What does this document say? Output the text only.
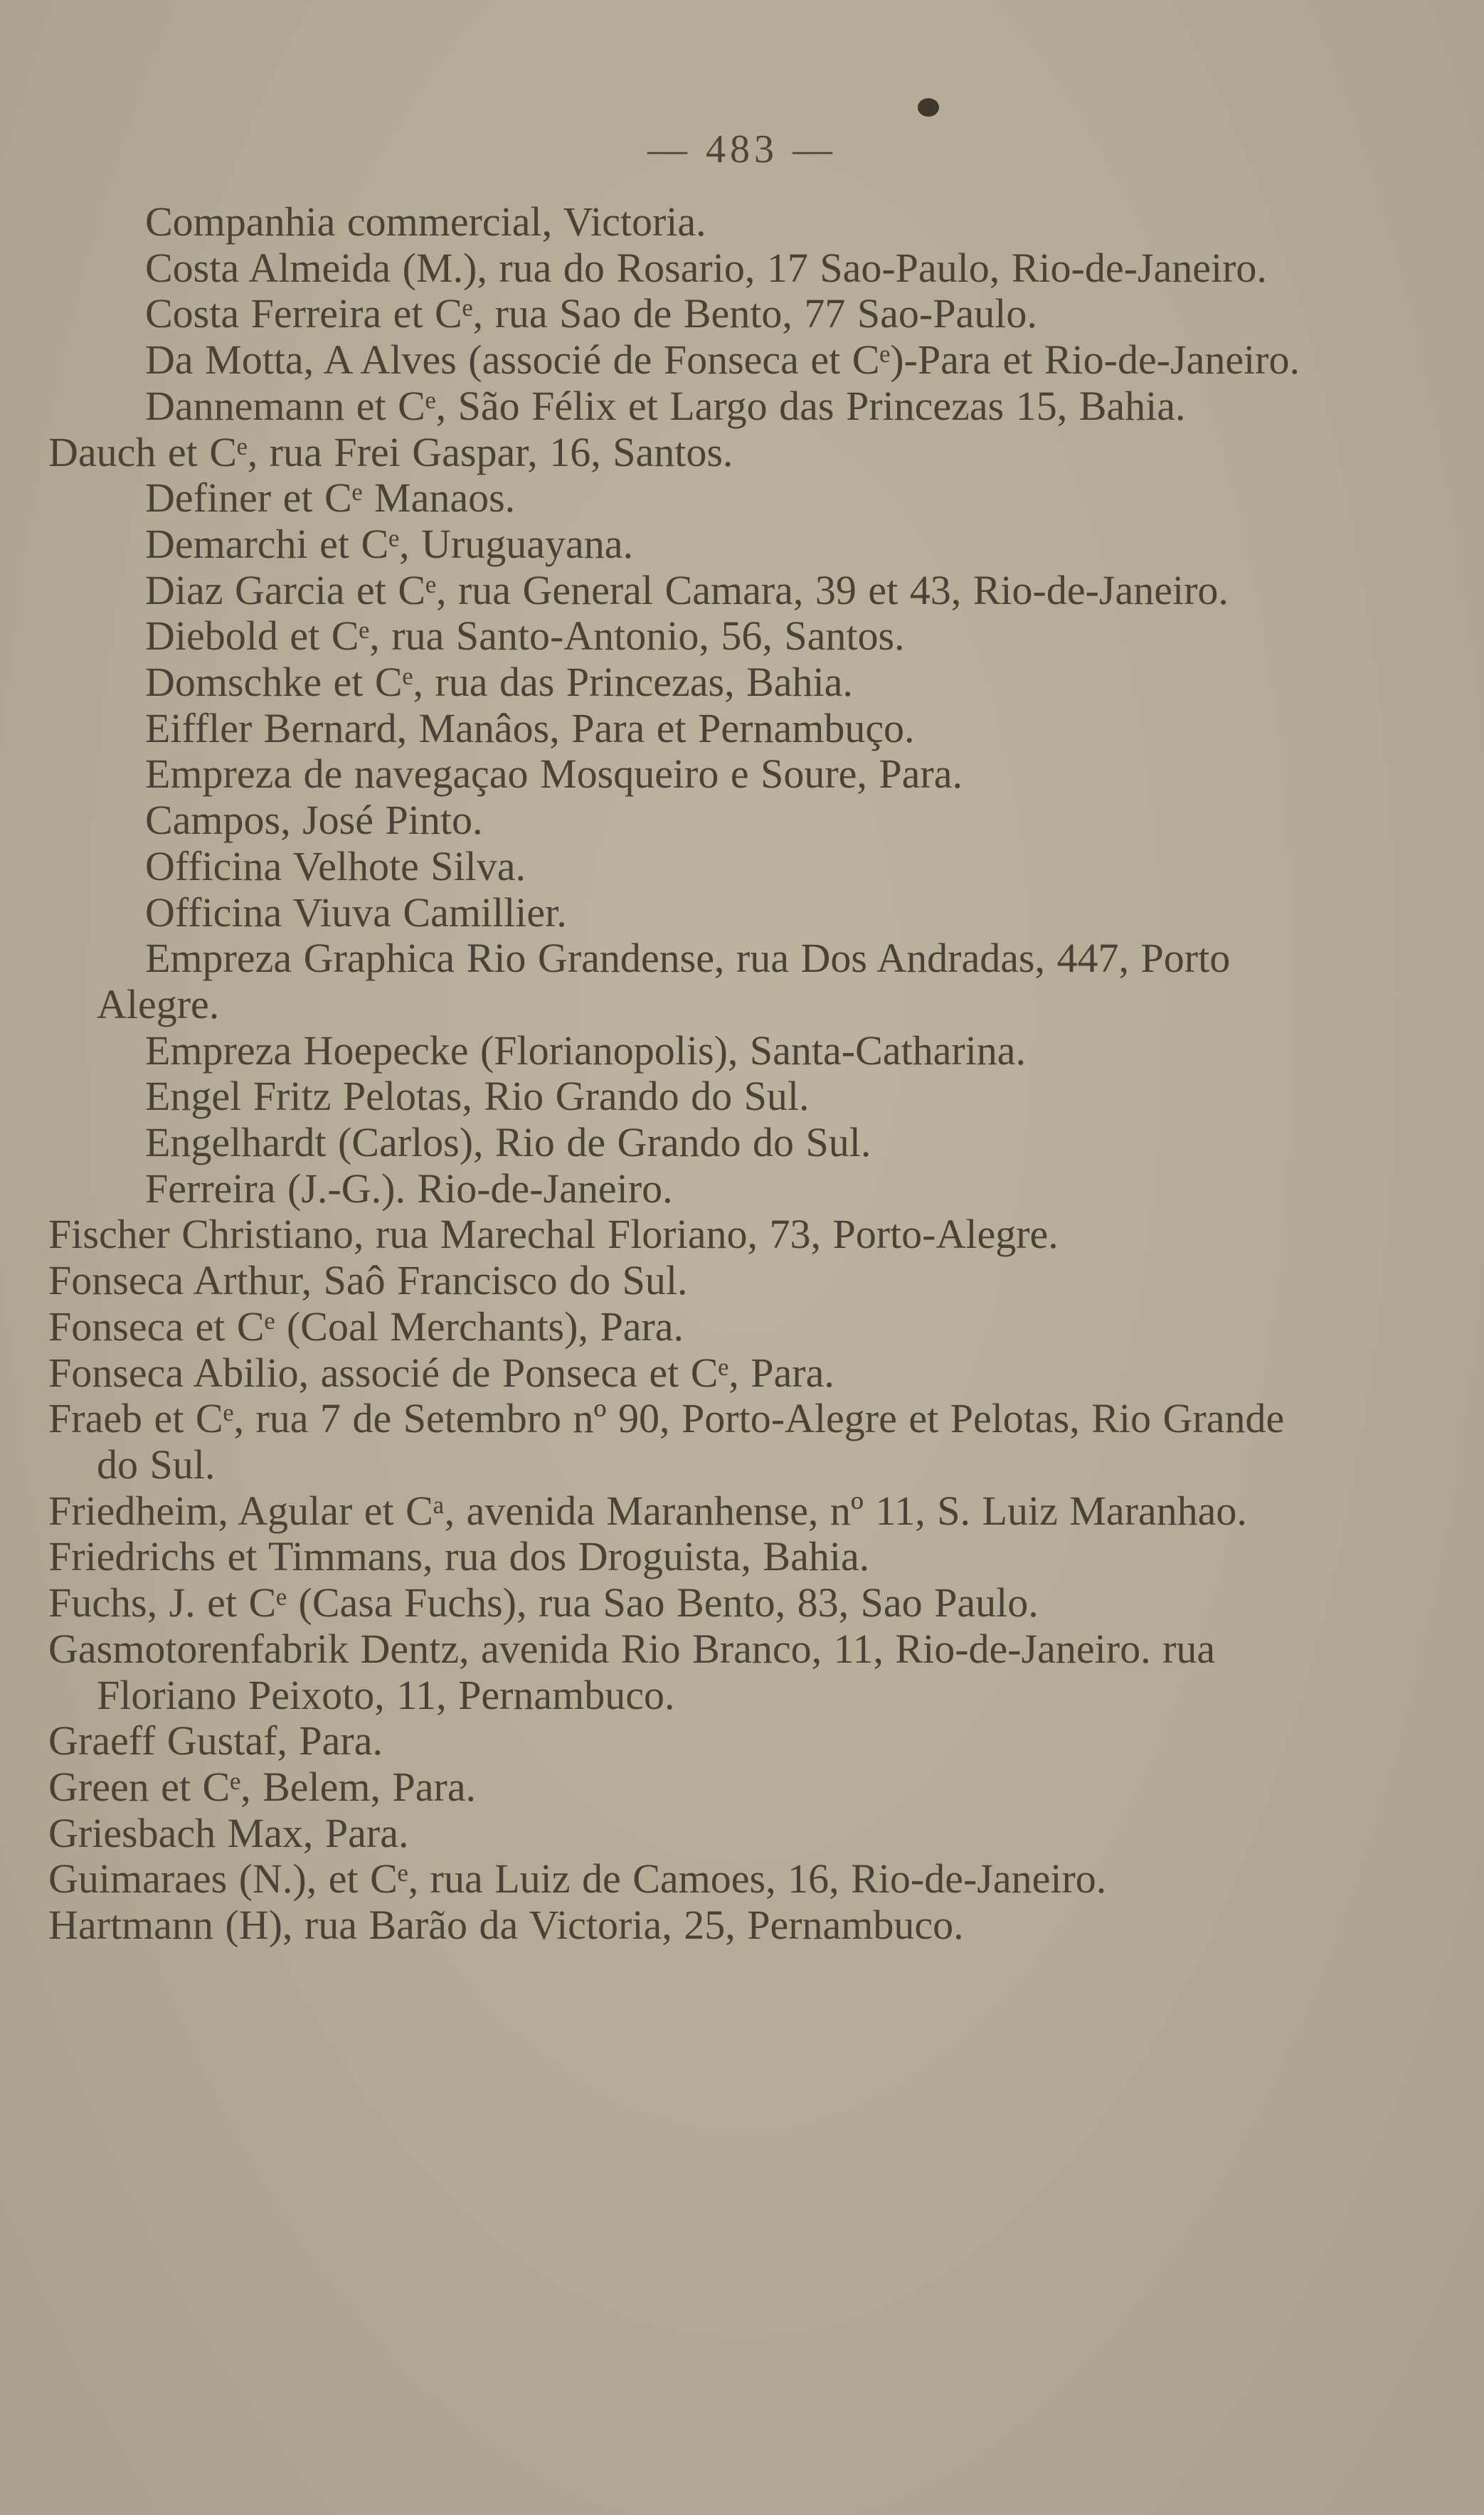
— 483 —
Companhia commercial, Victoria.
Costa Almeida (M.), rua do Rosario, 17 Sao-Paulo, Rio-de-Janeiro.
Costa Ferreira et Cᵉ, rua Sao de Bento, 77 Sao-Paulo.
Da Motta, A Alves (associé de Fonseca et Cᵉ)-Para et Rio-de-Janeiro.
Dannemann et Cᵉ, São Félix et Largo das Princezas 15, Bahia.
Dauch et Cᵉ, rua Frei Gaspar, 16, Santos.
Definer et Cᵉ Manaos.
Demarchi et Cᵉ, Uruguayana.
Diaz Garcia et Cᵉ, rua General Camara, 39 et 43, Rio-de-Janeiro.
Diebold et Cᵉ, rua Santo-Antonio, 56, Santos.
Domschke et Cᵉ, rua das Princezas, Bahia.
Eiffler Bernard, Manâos, Para et Pernambuço.
Empreza de navegaçao Mosqueiro e Soure, Para.
Campos, José Pinto.
Officina Velhote Silva.
Officina Viuva Camillier.
Empreza Graphica Rio Grandense, rua Dos Andradas, 447, Porto Alegre.
Empreza Hoepecke (Florianopolis), Santa-Catharina.
Engel Fritz Pelotas, Rio Grando do Sul.
Engelhardt (Carlos), Rio de Grando do Sul.
Ferreira (J.-G.). Rio-de-Janeiro.
Fischer Christiano, rua Marechal Floriano, 73, Porto-Alegre.
Fonseca Arthur, Saô Francisco do Sul.
Fonseca et Cᵉ (Coal Merchants), Para.
Fonseca Abilio, associé de Ponseca et Cᵉ, Para.
Fraeb et Cᵉ, rua 7 de Setembro nº 90, Porto-Alegre et Pelotas, Rio Grande do Sul.
Friedheim, Agular et Cᵃ, avenida Maranhense, nº 11, S. Luiz Maranhao.
Friedrichs et Timmans, rua dos Droguista, Bahia.
Fuchs, J. et Cᵉ (Casa Fuchs), rua Sao Bento, 83, Sao Paulo.
Gasmotorenfabrik Dentz, avenida Rio Branco, 11, Rio-de-Janeiro. rua Floriano Peixoto, 11, Pernambuco.
Graeff Gustaf, Para.
Green et Cᵉ, Belem, Para.
Griesbach Max, Para.
Guimaraes (N.), et Cᵉ, rua Luiz de Camoes, 16, Rio-de-Janeiro.
Hartmann (H), rua Barão da Victoria, 25, Pernambuco.
